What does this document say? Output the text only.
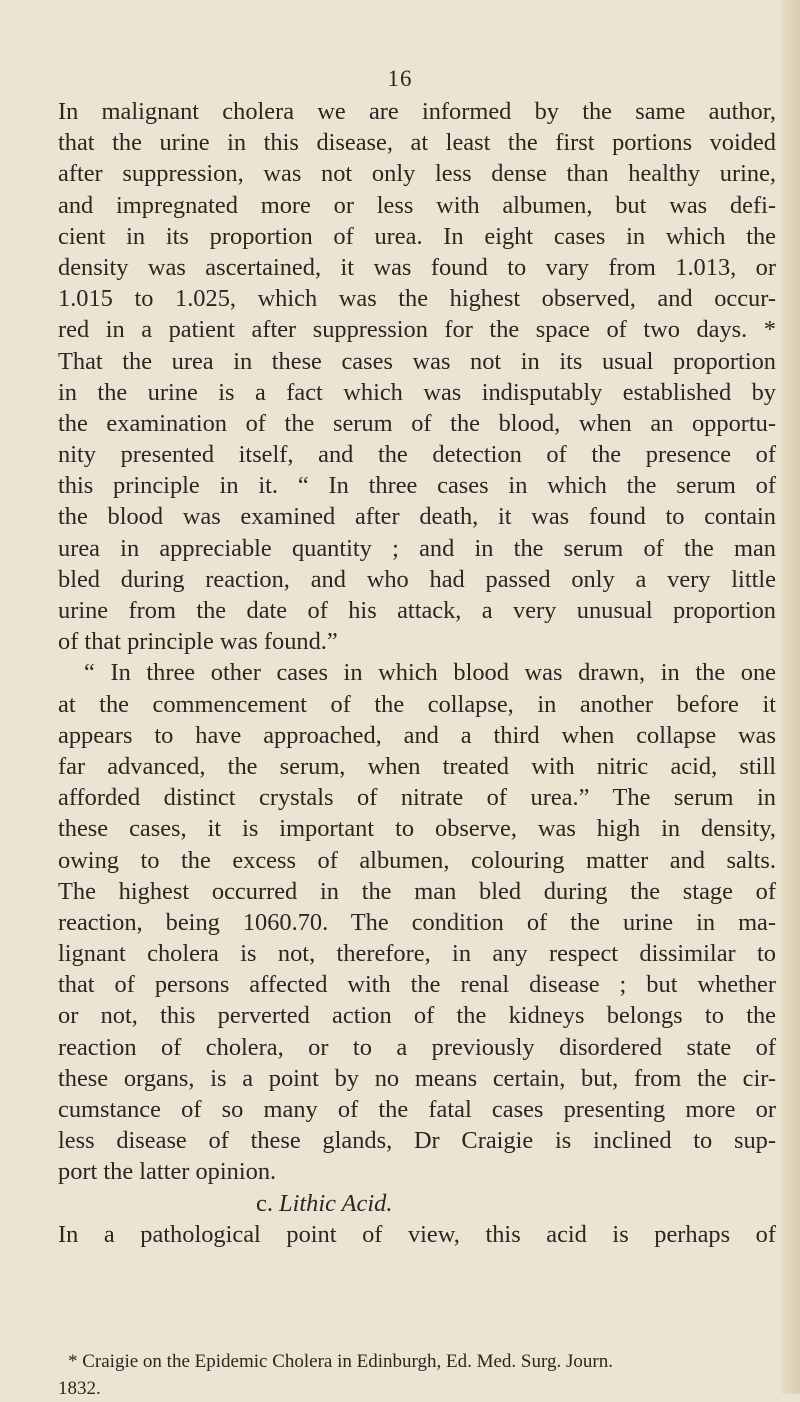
16
In malignant cholera we are informed by the same author,
that the urine in this disease, at least the first portions voided
after suppression, was not only less dense than healthy urine,
and impregnated more or less with albumen, but was defi-
cient in its proportion of urea. In eight cases in which the
density was ascertained, it was found to vary from 1.013, or
1.015 to 1.025, which was the highest observed, and occur-
red in a patient after suppression for the space of two days. *
That the urea in these cases was not in its usual proportion
in the urine is a fact which was indisputably established by
the examination of the serum of the blood, when an opportu-
nity presented itself, and the detection of the presence of
this principle in it. “ In three cases in which the serum of
the blood was examined after death, it was found to contain
urea in appreciable quantity ; and in the serum of the man
bled during reaction, and who had passed only a very little
urine from the date of his attack, a very unusual proportion
of that principle was found.”
“ In three other cases in which blood was drawn, in the one
at the commencement of the collapse, in another before it
appears to have approached, and a third when collapse was
far advanced, the serum, when treated with nitric acid, still
afforded distinct crystals of nitrate of urea.” The serum in
these cases, it is important to observe, was high in density,
owing to the excess of albumen, colouring matter and salts.
The highest occurred in the man bled during the stage of
reaction, being 1060.70. The condition of the urine in ma-
lignant cholera is not, therefore, in any respect dissimilar to
that of persons affected with the renal disease ; but whether
or not, this perverted action of the kidneys belongs to the
reaction of cholera, or to a previously disordered state of
these organs, is a point by no means certain, but, from the cir-
cumstance of so many of the fatal cases presenting more or
less disease of these glands, Dr Craigie is inclined to sup-
port the latter opinion.
c. Lithic Acid.
In a pathological point of view, this acid is perhaps of
* Craigie on the Epidemic Cholera in Edinburgh, Ed. Med. Surg. Journ.
1832.
